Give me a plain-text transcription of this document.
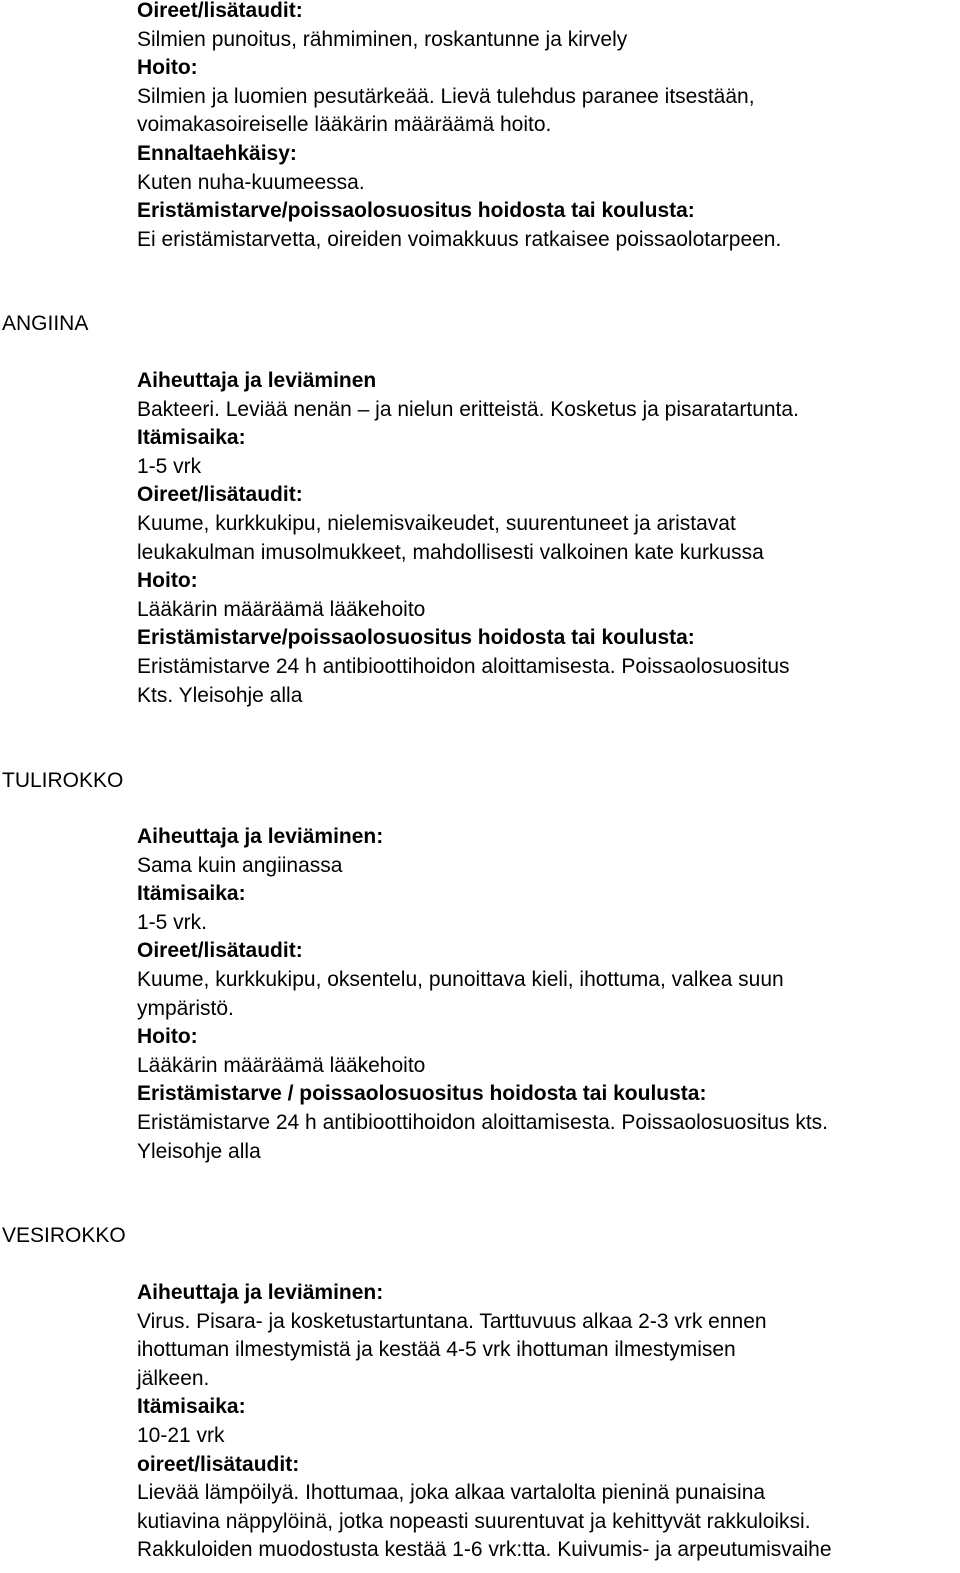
Oireet/lisätaudit:
Silmien punoitus, rähmiminen, roskantunne ja kirvely
Hoito:
Silmien ja luomien pesutärkeää. Lievä tulehdus paranee itsestään,
voimakasoireiselle lääkärin määräämä hoito.
Ennaltaehkäisy:
Kuten nuha-kuumeessa.
Eristämistarve/poissaolosuositus hoidosta tai koulusta:
Ei eristämistarvetta, oireiden voimakkuus ratkaisee poissaolotarpeen.
ANGIINA
Aiheuttaja ja leviäminen
Bakteeri. Leviää nenän – ja nielun eritteistä. Kosketus ja pisaratartunta.
Itämisaika:
1-5 vrk
Oireet/lisätaudit:
Kuume, kurkkukipu, nielemisvaikeudet, suurentuneet ja aristavat
leukakulman imusolmukkeet, mahdollisesti valkoinen kate kurkussa
Hoito:
Lääkärin määräämä lääkehoito
Eristämistarve/poissaolosuositus hoidosta tai koulusta:
Eristämistarve 24 h antibioottihoidon aloittamisesta. Poissaolosuositus
Kts. Yleisohje alla
TULIROKKO
Aiheuttaja ja leviäminen:
Sama kuin angiinassa
Itämisaika:
1-5 vrk.
Oireet/lisätaudit:
Kuume, kurkkukipu, oksentelu, punoittava kieli, ihottuma, valkea suun
ympäristö.
Hoito:
Lääkärin määräämä lääkehoito
Eristämistarve / poissaolosuositus hoidosta tai koulusta:
Eristämistarve 24 h antibioottihoidon aloittamisesta. Poissaolosuositus kts.
Yleisohje alla
VESIROKKO
Aiheuttaja ja leviäminen:
Virus. Pisara- ja kosketustartuntana. Tarttuvuus alkaa 2-3 vrk ennen
ihottuman ilmestymistä ja kestää 4-5 vrk ihottuman ilmestymisen
jälkeen.
Itämisaika:
10-21 vrk
oireet/lisätaudit:
Lievää lämpöilyä. Ihottumaa, joka alkaa vartalolta pieninä punaisina
kutiavina näppylöinä, jotka nopeasti suurentuvat ja kehittyvät rakkuloiksi.
Rakkuloiden muodostusta kestää 1-6 vrk:tta. Kuivumis- ja arpeutumisvaihe
